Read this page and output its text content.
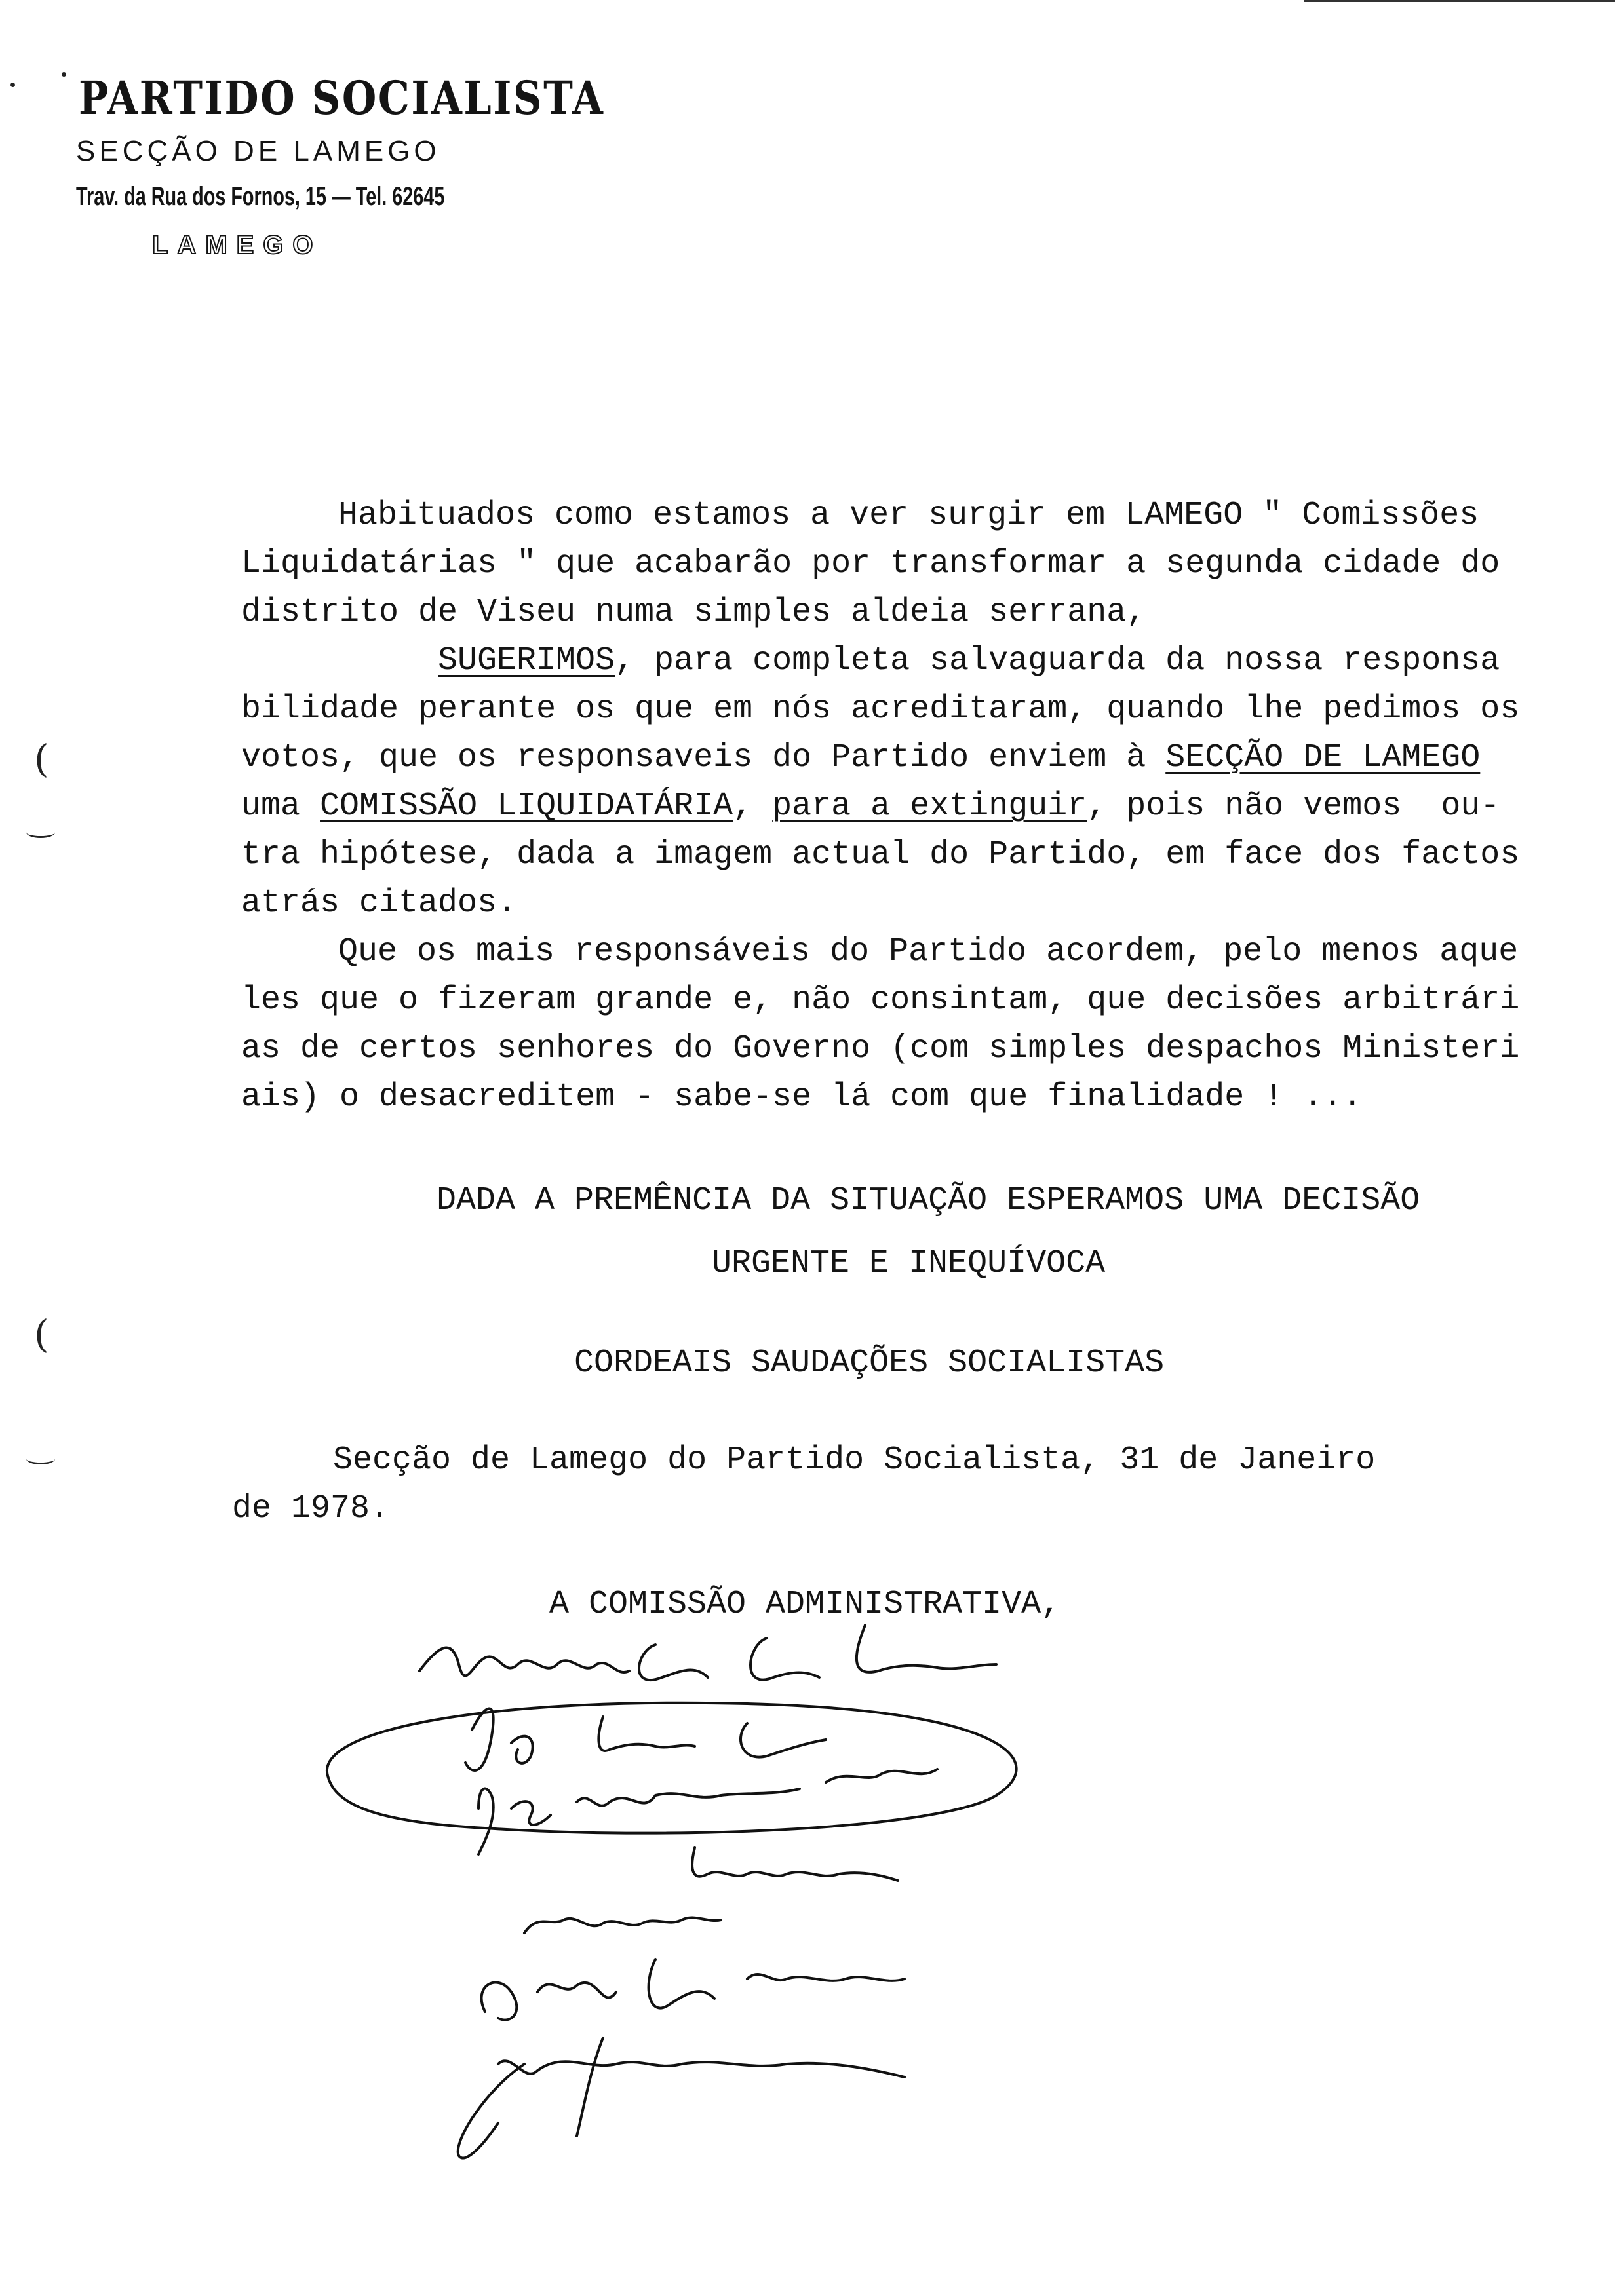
PARTIDO SOCIALISTA
SECÇÃO DE LAMEGO
Trav. da Rua dos Fornos, 15 — Tel. 62645
LAMEGO
(
(
Habituados como estamos a ver surgir em LAMEGO " Comissões
Liquidatárias " que acabarão por transformar a segunda cidade do
distrito de Viseu numa simples aldeia serrana,
SUGERIMOS, para completa salvaguarda da nossa responsa
bilidade perante os que em nós acreditaram, quando lhe pedimos os
votos, que os responsaveis do Partido enviem à SECÇÃO DE LAMEGO
uma COMISSÃO LIQUIDATÁRIA, para a extinguir, pois não vemos  ou-
tra hipótese, dada a imagem actual do Partido, em face dos factos
atrás citados.
Que os mais responsáveis do Partido acordem, pelo menos aque
les que o fizeram grande e, não consintam, que decisões arbitrári
as de certos senhores do Governo (com simples despachos Ministeri
ais) o desacreditem - sabe-se lá com que finalidade ! ...
DADA A PREMÊNCIA DA SITUAÇÃO ESPERAMOS UMA DECISÃO
URGENTE E INEQUÍVOCA
CORDEAIS SAUDAÇÕES SOCIALISTAS
Secção de Lamego do Partido Socialista, 31 de Janeiro
de 1978.
A COMISSÃO ADMINISTRATIVA,
